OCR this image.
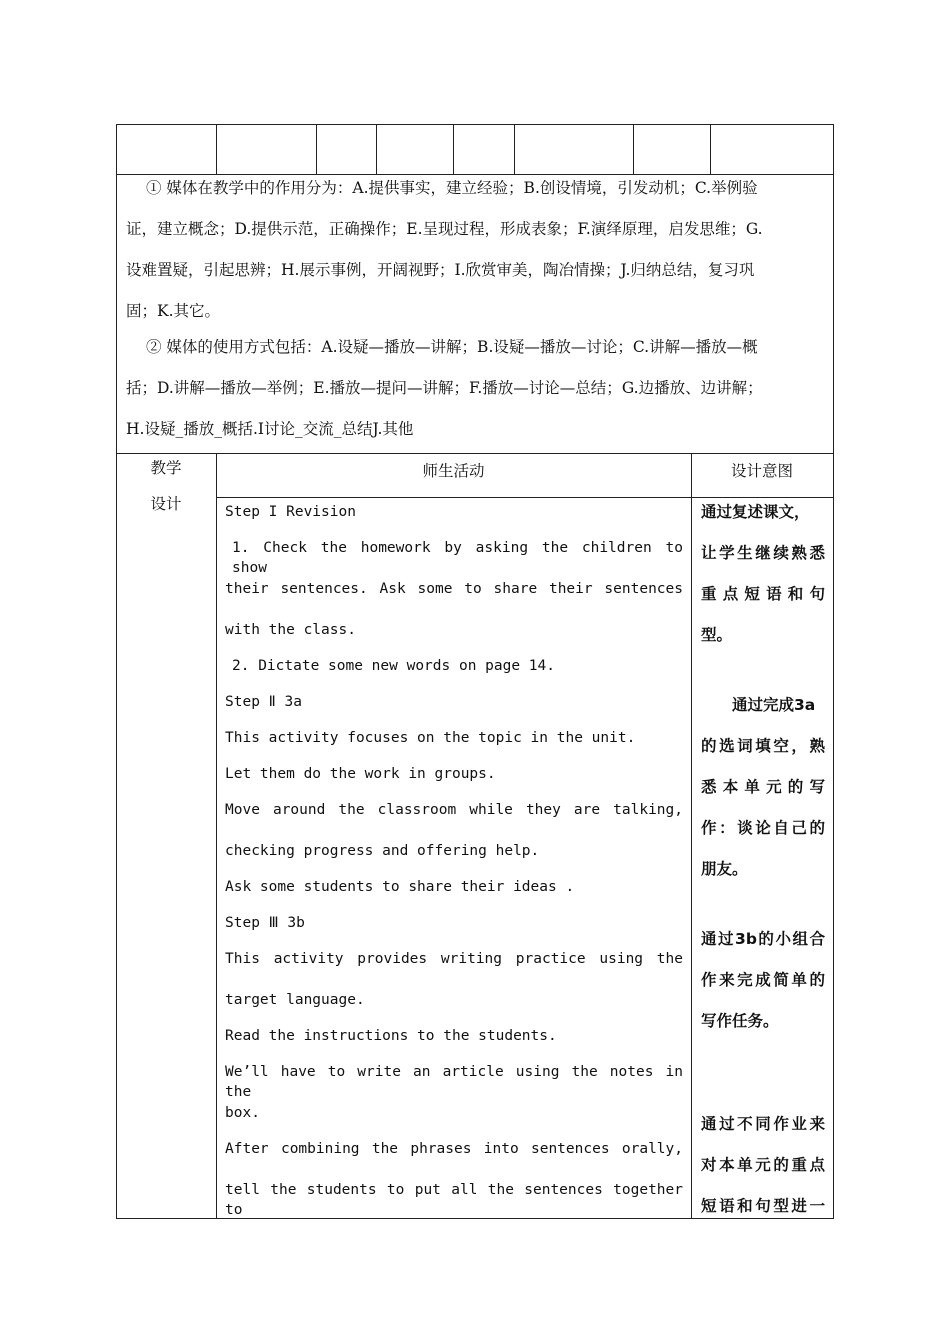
① 媒体在教学中的作用分为：A.提供事实，建立经验；B.创设情境，引发动机；C.举例验
证，建立概念；D.提供示范，正确操作；E.呈现过程，形成表象；F.演绎原理，启发思维；G.
设难置疑，引起思辨；H.展示事例，开阔视野；I.欣赏审美，陶冶情操；J.归纳总结，复习巩
固；K.其它。
② 媒体的使用方式包括：A.设疑—播放—讲解；B.设疑—播放—讨论；C.讲解—播放—概
括；D.讲解—播放—举例；E.播放—提问—讲解；F.播放—讨论—总结；G.边播放、边讲解；
H.设疑_播放_概括.I讨论_交流_总结J.其他
教学
设计
师生活动	设计意图
Step I Revision
1. Check the homework by asking the children to show
their sentences. Ask some to share their sentences
with the class.
2. Dictate some new words on page 14.
Step Ⅱ 3a
This activity focuses on the topic in the unit.
Let them do the work in groups.
Move around the classroom while they are talking,
checking progress and offering help.
Ask some students to share their ideas .
Step Ⅲ 3b
This activity provides writing practice using the
target language.
Read the instructions to the students.
We’ll have to write an article using the notes in the
box.
After combining the phrases into sentences orally,
tell the students to put all the sentences together to
通过复述课文，
让学生继续熟悉
重点短语和句
型。
通过完成3a
的选词填空，熟
悉本单元的写
作：谈论自己的
朋友。
通过3b的小组合
作来完成简单的
写作任务。
通过不同作业来
对本单元的重点
短语和句型进一
